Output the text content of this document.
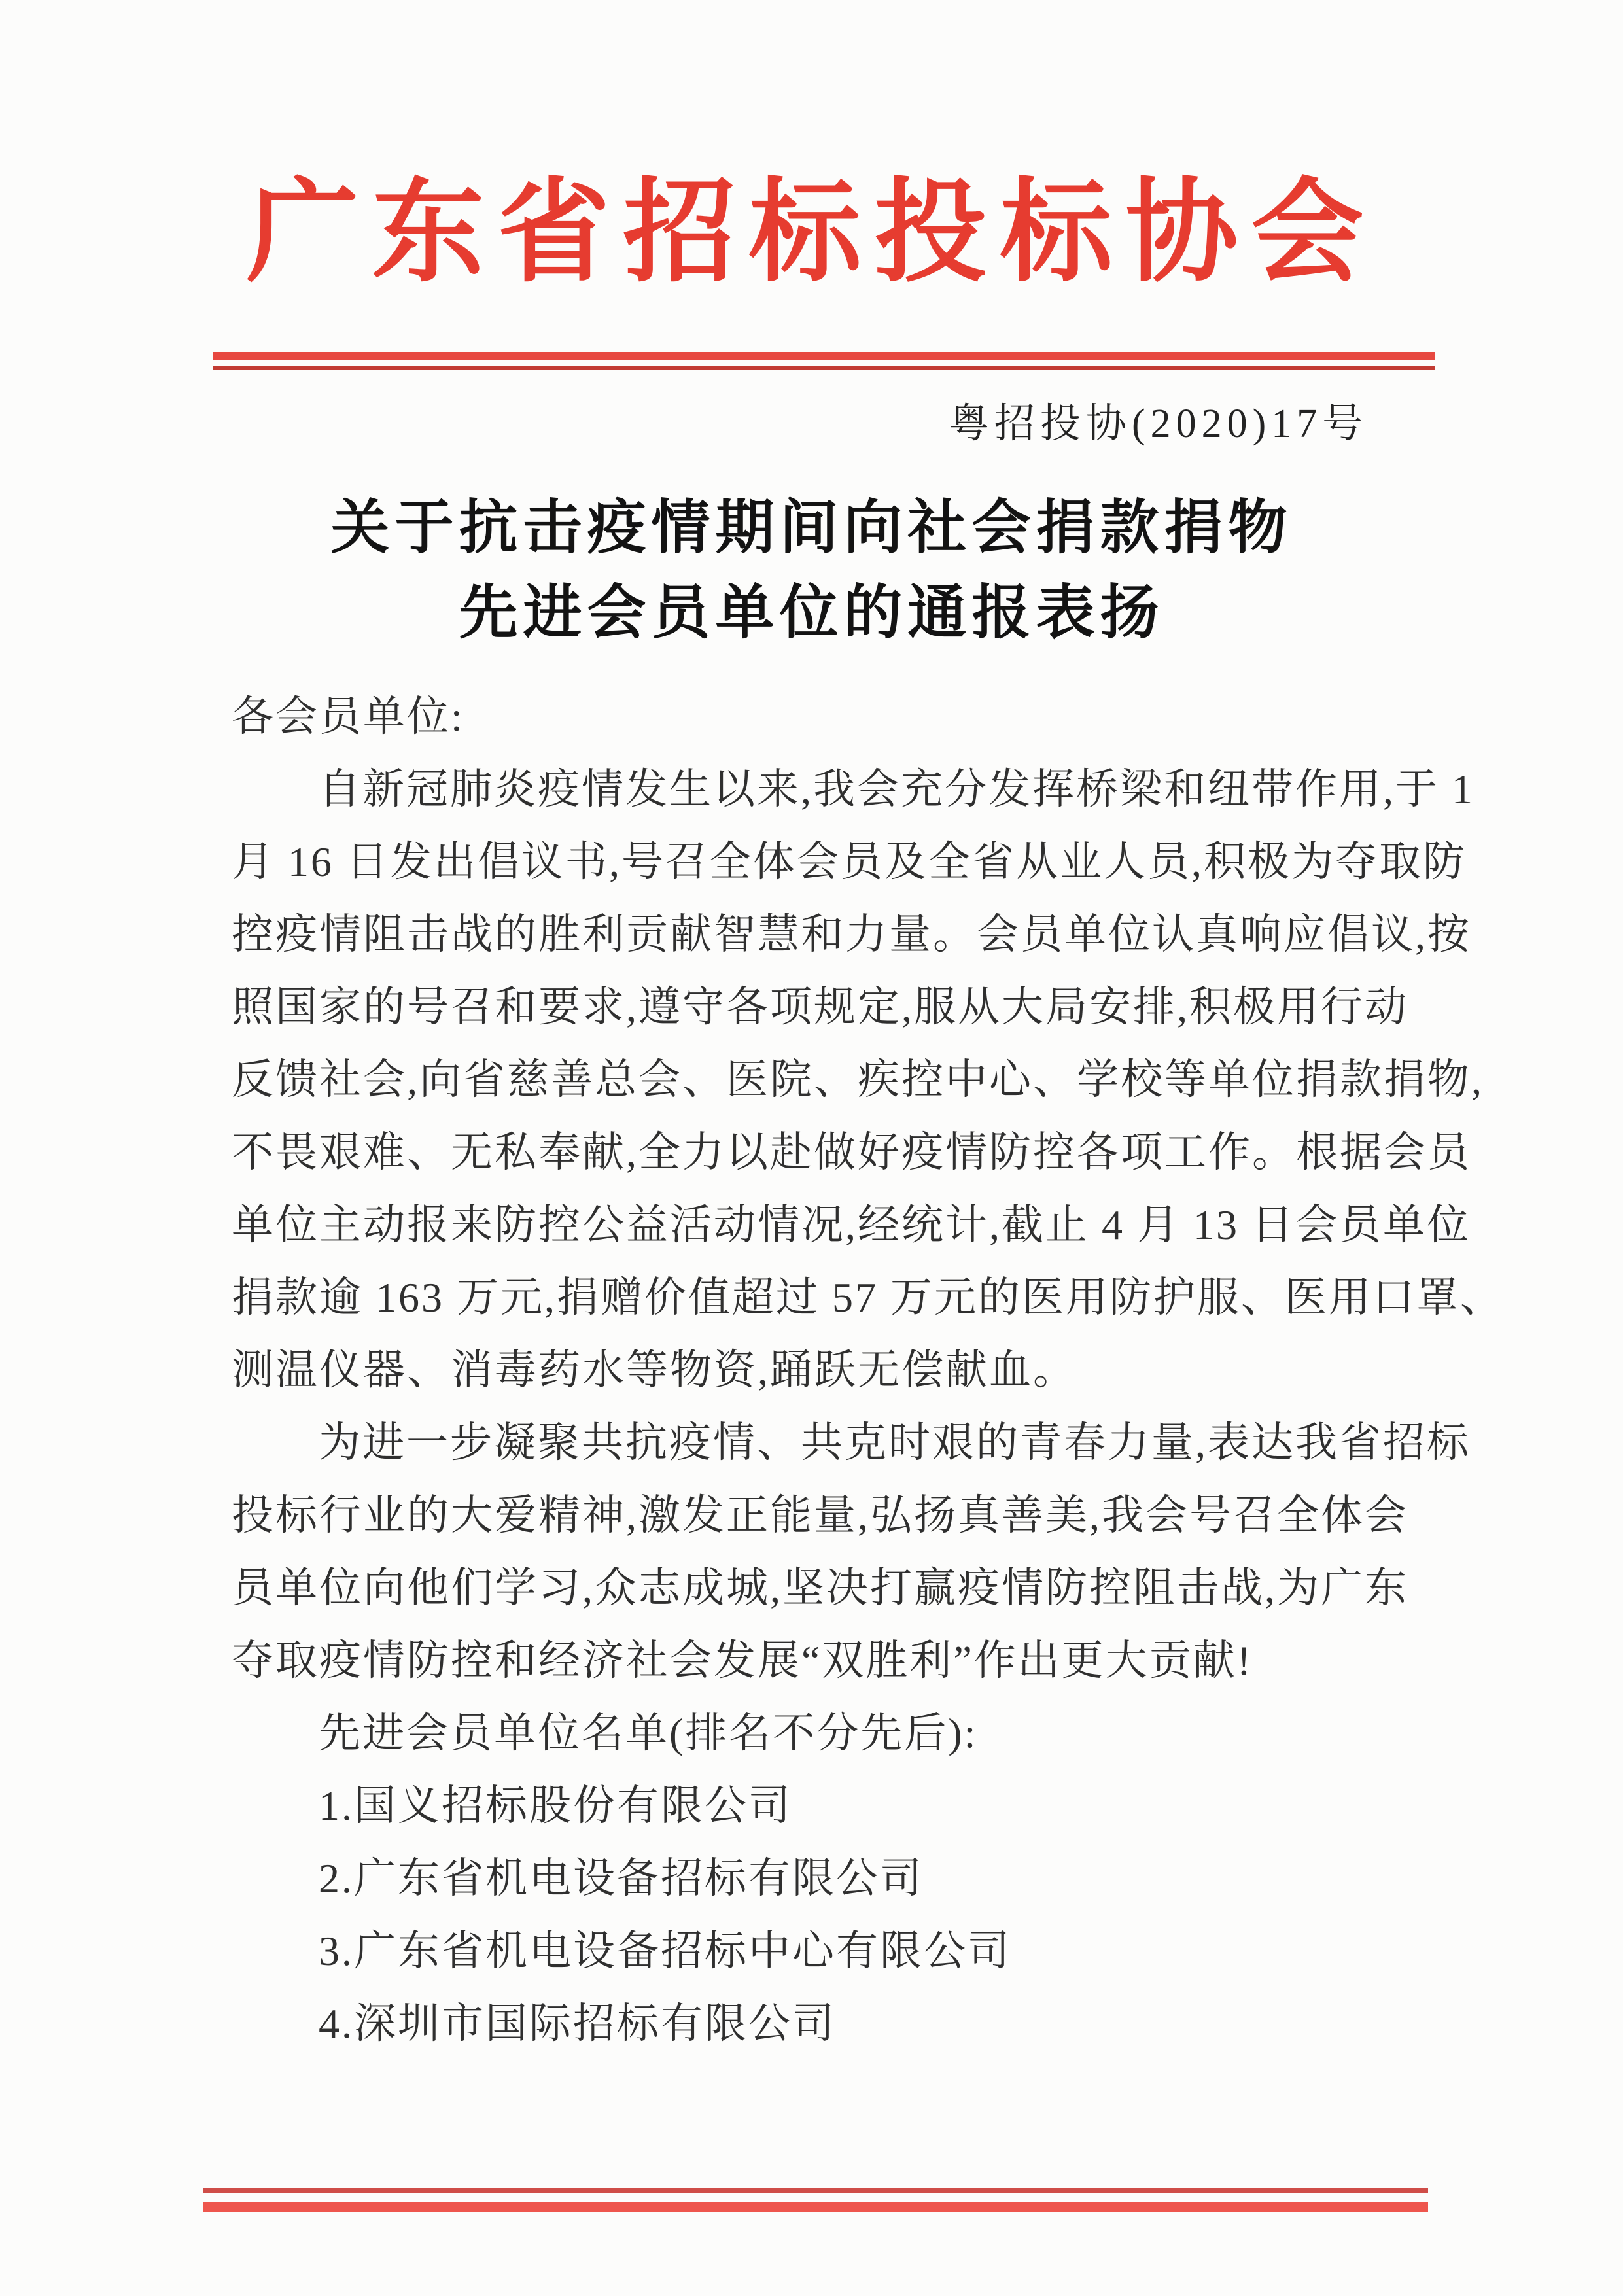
广东省招标投标协会
粤招投协(2020)17号
关于抗击疫情期间向社会捐款捐物
先进会员单位的通报表扬
各会员单位:
自新冠肺炎疫情发生以来,我会充分发挥桥梁和纽带作用,于 1
月 16 日发出倡议书,号召全体会员及全省从业人员,积极为夺取防
控疫情阻击战的胜利贡献智慧和力量。会员单位认真响应倡议,按
照国家的号召和要求,遵守各项规定,服从大局安排,积极用行动
反馈社会,向省慈善总会、医院、疾控中心、学校等单位捐款捐物,
不畏艰难、无私奉献,全力以赴做好疫情防控各项工作。根据会员
单位主动报来防控公益活动情况,经统计,截止 4 月 13 日会员单位
捐款逾 163 万元,捐赠价值超过 57 万元的医用防护服、医用口罩、
测温仪器、消毒药水等物资,踊跃无偿献血。
为进一步凝聚共抗疫情、共克时艰的青春力量,表达我省招标
投标行业的大爱精神,激发正能量,弘扬真善美,我会号召全体会
员单位向他们学习,众志成城,坚决打赢疫情防控阻击战,为广东
夺取疫情防控和经济社会发展“双胜利”作出更大贡献!
先进会员单位名单(排名不分先后):
1.国义招标股份有限公司
2.广东省机电设备招标有限公司
3.广东省机电设备招标中心有限公司
4.深圳市国际招标有限公司
